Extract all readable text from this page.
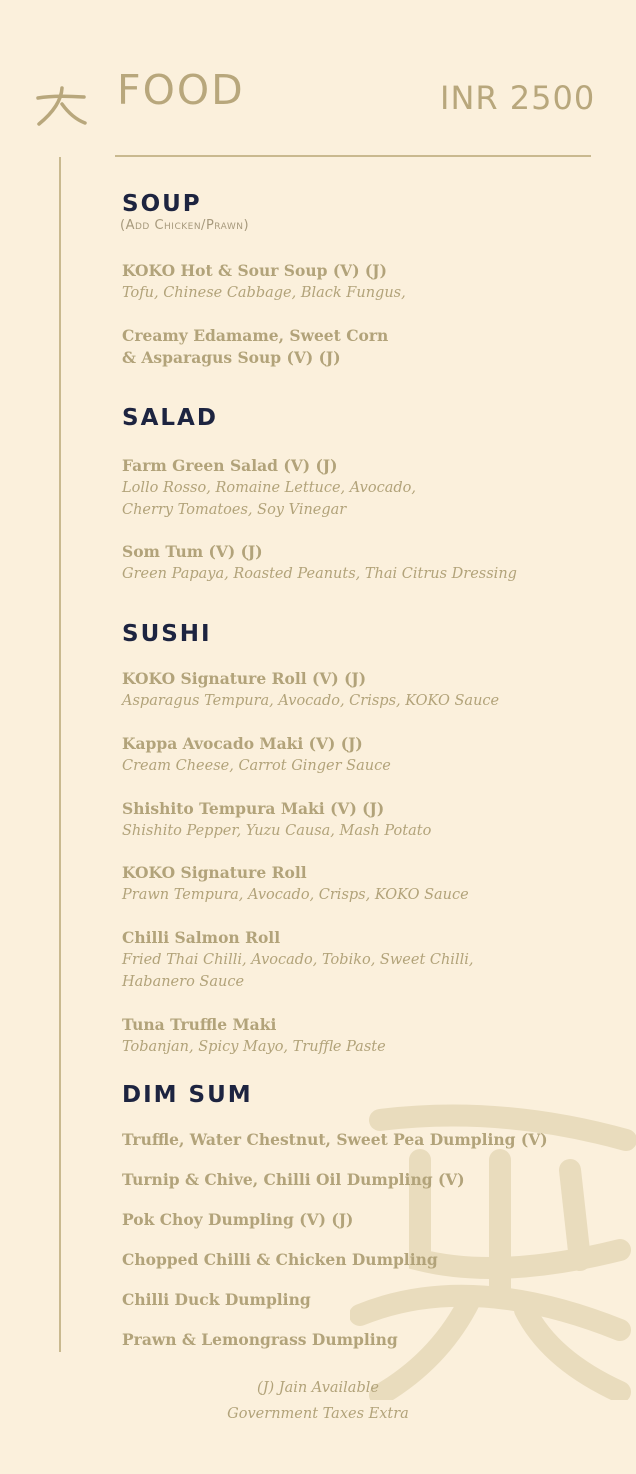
FOOD	INR 2500
SOUP
(Add Chicken/Prawn)
KOKO Hot & Sour Soup (V) (J)
Tofu, Chinese Cabbage, Black Fungus,
Creamy Edamame, Sweet Corn
& Asparagus Soup (V) (J)
SALAD
Farm Green Salad (V) (J)
Lollo Rosso, Romaine Lettuce, Avocado,
Cherry Tomatoes, Soy Vinegar
Som Tum (V) (J)
Green Papaya, Roasted Peanuts, Thai Citrus Dressing
SUSHI
KOKO Signature Roll (V) (J)
Asparagus Tempura, Avocado, Crisps, KOKO Sauce
Kappa Avocado Maki (V) (J)
Cream Cheese, Carrot Ginger Sauce
Shishito Tempura Maki (V) (J)
Shishito Pepper, Yuzu Causa, Mash Potato
KOKO Signature Roll
Prawn Tempura, Avocado, Crisps, KOKO Sauce
Chilli Salmon Roll
Fried Thai Chilli, Avocado, Tobiko, Sweet Chilli,
Habanero Sauce
Tuna Truffle Maki
Tobanjan, Spicy Mayo, Truffle Paste
DIM SUM
Truffle, Water Chestnut, Sweet Pea Dumpling (V)
Turnip & Chive, Chilli Oil Dumpling (V)
Pok Choy Dumpling (V) (J)
Chopped Chilli & Chicken Dumpling
Chilli Duck Dumpling
Prawn & Lemongrass Dumpling
(J) Jain Available
Government Taxes Extra
